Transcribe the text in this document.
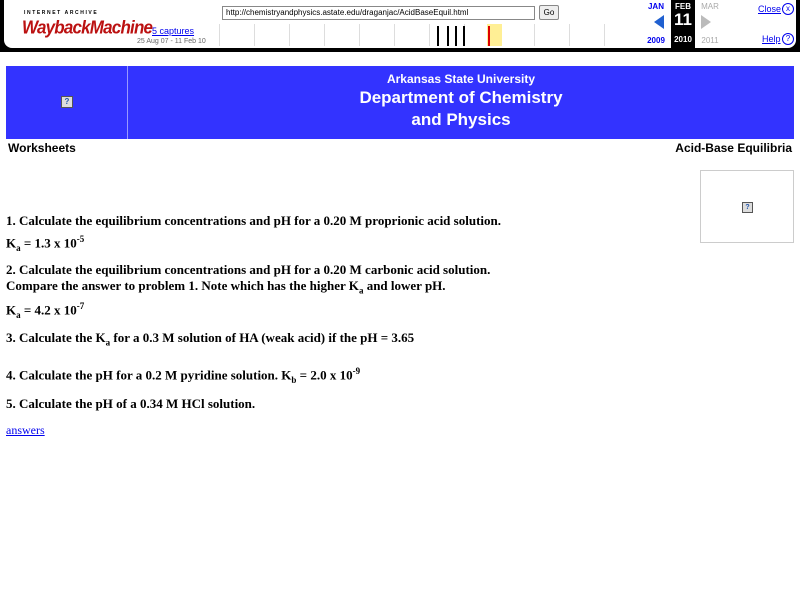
INTERNET ARCHIVE
WaybackMachine 5 captures
25 Aug 07 - 11 Feb 10
http://chemistryandphysics.astate.edu/draganjac/AcidBaseEquil.html	Go
JAN
2009
FEB
11
2010
MAR
2011
Close x
Help ?
?
Arkansas State University
Department of Chemistry
and Physics
Worksheets	Acid-Base Equilibria
?
1. Calculate the equilibrium concentrations and pH for a 0.20 M proprionic acid solution.
$K_a = 1.3$ x $10^{-5}$
2. Calculate the equilibrium concentrations and pH for a 0.20 M carbonic acid solution.
Compare the answer to problem 1. Note which has the higher $K_a$ and lower pH.
$K_a = 4.2$ x $10^{-7}$
3. Calculate the $K_a$ for a 0.3 M solution of HA (weak acid) if the pH = 3.65
4. Calculate the pH for a 0.2 M pyridine solution. $K_b = 2.0$ x $10^{-9}$
5. Calculate the pH of a 0.34 M HCl solution.
answers
